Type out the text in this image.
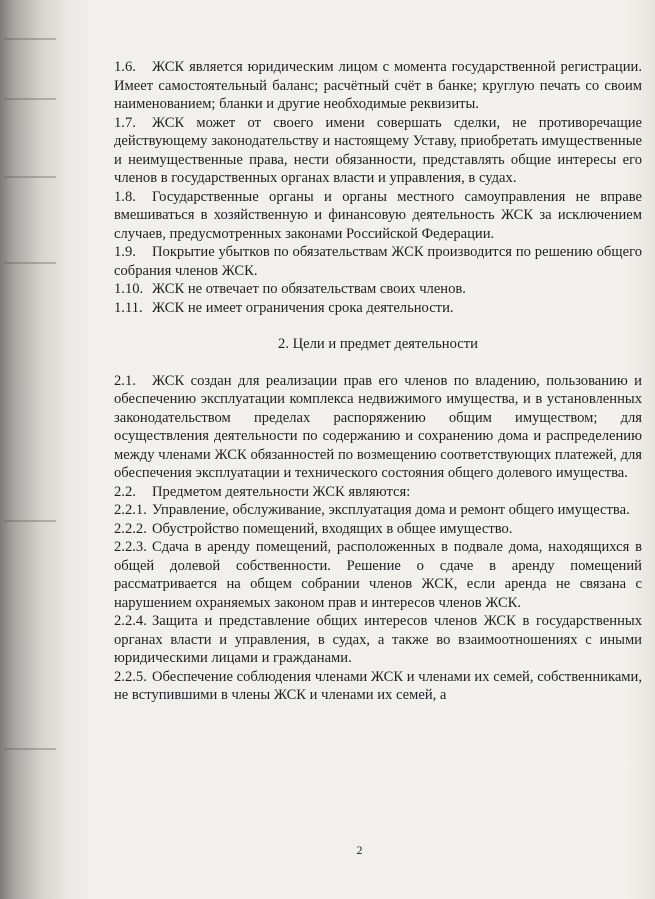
1.6. ЖСК является юридическим лицом с момента государственной регистрации. Имеет самостоятельный баланс; расчётный счёт в банке; круглую печать со своим наименованием; бланки и другие необходимые реквизиты.

1.7. ЖСК может от своего имени совершать сделки, не противоречащие действующему законодательству и настоящему Уставу, приобретать имущественные и неимущественные права, нести обязанности, представлять общие интересы его членов в государственных органах власти и управления, в судах.

1.8. Государственные органы и органы местного самоуправления не вправе вмешиваться в хозяйственную и финансовую деятельность ЖСК за исключением случаев, предусмотренных законами Российской Федерации.

1.9. Покрытие убытков по обязательствам ЖСК производится по решению общего собрания членов ЖСК.

1.10. ЖСК не отвечает по обязательствам своих членов.

1.11. ЖСК не имеет ограничения срока деятельности.

2. Цели и предмет деятельности

2.1. ЖСК создан для реализации прав его членов по владению, пользованию и обеспечению эксплуатации комплекса недвижимого имущества, и в установленных законодательством пределах распоряжению общим имуществом; для осуществления деятельности по содержанию и сохранению дома и распределению между членами ЖСК обязанностей по возмещению соответствующих платежей, для обеспечения эксплуатации и технического состояния общего долевого имущества.

2.2. Предметом деятельности ЖСК являются:

2.2.1. Управление, обслуживание, эксплуатация дома и ремонт общего имущества.

2.2.2. Обустройство помещений, входящих в общее имущество.

2.2.3. Сдача в аренду помещений, расположенных в подвале дома, находящихся в общей долевой собственности. Решение о сдаче в аренду помещений рассматривается на общем собрании членов ЖСК, если аренда не связана с нарушением охраняемых законом прав и интересов членов ЖСК.

2.2.4. Защита и представление общих интересов членов ЖСК в государственных органах власти и управления, в судах, а также во взаимоотношениях с иными юридическими лицами и гражданами.

2.2.5. Обеспечение соблюдения членами ЖСК и членами их семей, собственниками, не вступившими в члены ЖСК и членами их семей, а

2
